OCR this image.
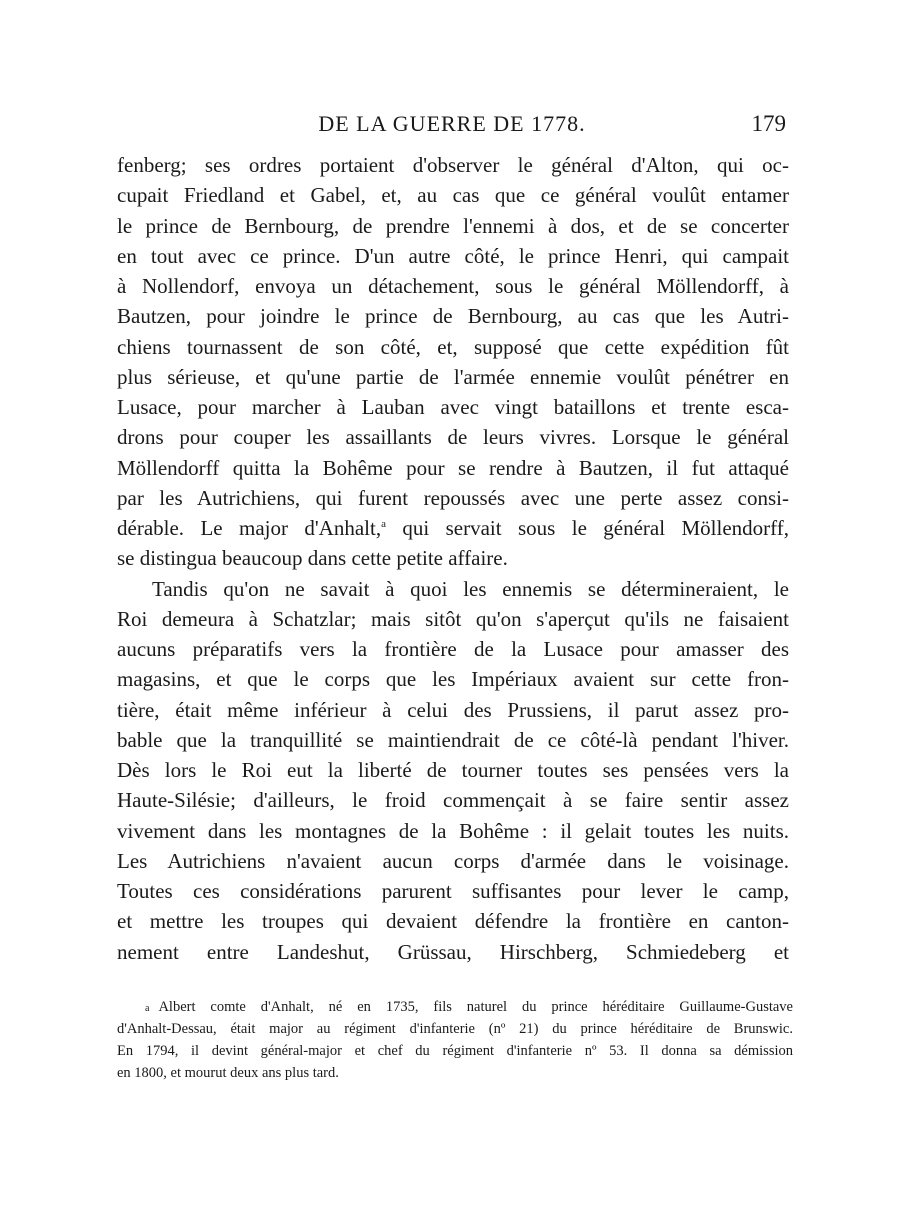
DE LA GUERRE DE 1778.	179
fenberg; ses ordres portaient d'observer le général d'Alton, qui oc-
cupait Friedland et Gabel, et, au cas que ce général voulût entamer
le prince de Bernbourg, de prendre l'ennemi à dos, et de se concerter
en tout avec ce prince. D'un autre côté, le prince Henri, qui campait
à Nollendorf, envoya un détachement, sous le général Möllendorff, à
Bautzen, pour joindre le prince de Bernbourg, au cas que les Autri-
chiens tournassent de son côté, et, supposé que cette expédition fût
plus sérieuse, et qu'une partie de l'armée ennemie voulût pénétrer en
Lusace, pour marcher à Lauban avec vingt bataillons et trente esca-
drons pour couper les assaillants de leurs vivres. Lorsque le général
Möllendorff quitta la Bohême pour se rendre à Bautzen, il fut attaqué
par les Autrichiens, qui furent repoussés avec une perte assez consi-
dérable. Le major d'Anhalt,$^a$ qui servait sous le général Möllendorff,
se distingua beaucoup dans cette petite affaire.
Tandis qu'on ne savait à quoi les ennemis se détermineraient, le
Roi demeura à Schatzlar; mais sitôt qu'on s'aperçut qu'ils ne faisaient
aucuns préparatifs vers la frontière de la Lusace pour amasser des
magasins, et que le corps que les Impériaux avaient sur cette fron-
tière, était même inférieur à celui des Prussiens, il parut assez pro-
bable que la tranquillité se maintiendrait de ce côté-là pendant l'hiver.
Dès lors le Roi eut la liberté de tourner toutes ses pensées vers la
Haute-Silésie; d'ailleurs, le froid commençait à se faire sentir assez
vivement dans les montagnes de la Bohême : il gelait toutes les nuits.
Les Autrichiens n'avaient aucun corps d'armée dans le voisinage.
Toutes ces considérations parurent suffisantes pour lever le camp,
et mettre les troupes qui devaient défendre la frontière en canton-
nement entre Landeshut, Grüssau, Hirschberg, Schmiedeberg et
a Albert comte d'Anhalt, né en 1735, fils naturel du prince héréditaire Guillaume-Gustave
d'Anhalt-Dessau, était major au régiment d'infanterie (nº 21) du prince héréditaire de Brunswic.
En 1794, il devint général-major et chef du régiment d'infanterie nº 53. Il donna sa démission
en 1800, et mourut deux ans plus tard.
